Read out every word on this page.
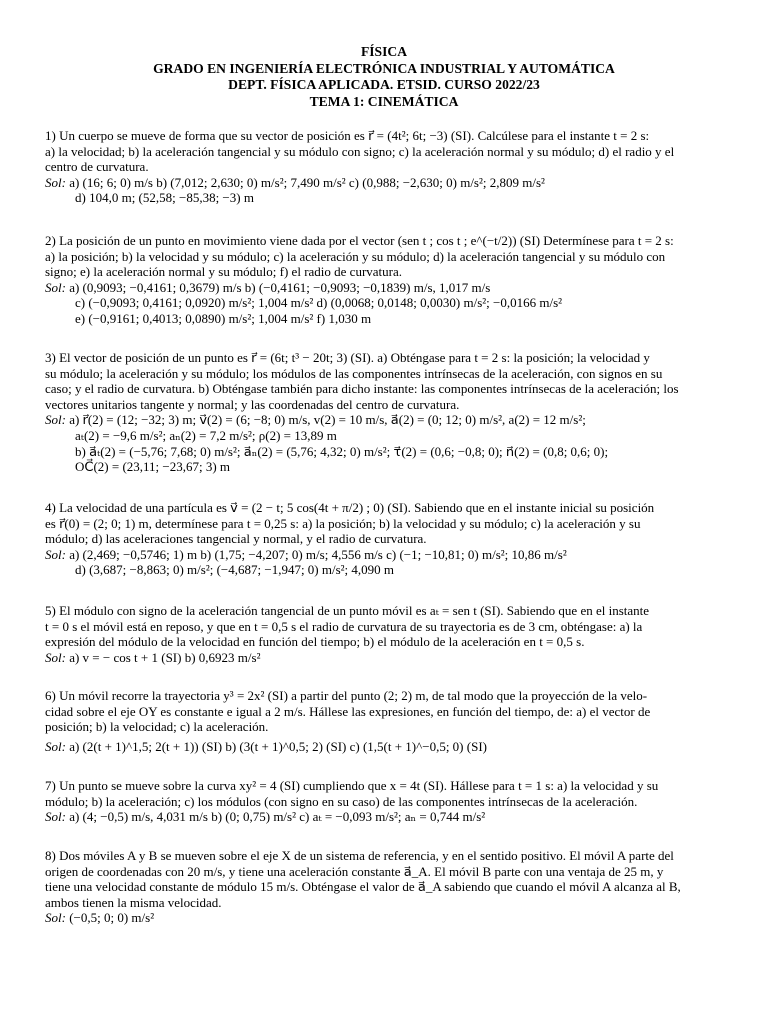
FÍSICA
GRADO EN INGENIERÍA ELECTRÓNICA INDUSTRIAL Y AUTOMÁTICA
DEPT. FÍSICA APLICADA. ETSID. CURSO 2022/23
TEMA 1: CINEMÁTICA
1) Un cuerpo se mueve de forma que su vector de posición es r⃗ = (4t²; 6t; −3) (SI). Calcúlese para el instante t = 2 s:
a) la velocidad; b) la aceleración tangencial y su módulo con signo; c) la aceleración normal y su módulo; d) el radio y el
centro de curvatura.
Sol: a) (16; 6; 0) m/s b) (7,012; 2,630; 0) m/s²; 7,490 m/s² c) (0,988; −2,630; 0) m/s²; 2,809 m/s²
d) 104,0 m; (52,58; −85,38; −3) m
2) La posición de un punto en movimiento viene dada por el vector (sen t ; cos t ; e^(−t/2)) (SI) Determínese para t = 2 s:
a) la posición; b) la velocidad y su módulo; c) la aceleración y su módulo; d) la aceleración tangencial y su módulo con
signo; e) la aceleración normal y su módulo; f) el radio de curvatura.
Sol: a) (0,9093; −0,4161; 0,3679) m/s b) (−0,4161; −0,9093; −0,1839) m/s, 1,017 m/s
c) (−0,9093; 0,4161; 0,0920) m/s²; 1,004 m/s² d) (0,0068; 0,0148; 0,0030) m/s²; −0,0166 m/s²
e) (−0,9161; 0,4013; 0,0890) m/s²; 1,004 m/s² f) 1,030 m
3) El vector de posición de un punto es r⃗ = (6t; t³ − 20t; 3) (SI). a) Obténgase para t = 2 s: la posición; la velocidad y
su módulo; la aceleración y su módulo; los módulos de las componentes intrínsecas de la aceleración, con signos en su
caso; y el radio de curvatura. b) Obténgase también para dicho instante: las componentes intrínsecas de la aceleración; los
vectores unitarios tangente y normal; y las coordenadas del centro de curvatura.
Sol: a) r⃗(2) = (12; −32; 3) m; v⃗(2) = (6; −8; 0) m/s, v(2) = 10 m/s, a⃗(2) = (0; 12; 0) m/s², a(2) = 12 m/s²;
aₜ(2) = −9,6 m/s²; aₙ(2) = 7,2 m/s²; ρ(2) = 13,89 m
b) a⃗ₜ(2) = (−5,76; 7,68; 0) m/s²; a⃗ₙ(2) = (5,76; 4,32; 0) m/s²; τ⃗(2) = (0,6; −0,8; 0); n⃗(2) = (0,8; 0,6; 0);
OC⃗(2) = (23,11; −23,67; 3) m
4) La velocidad de una partícula es v⃗ = (2 − t; 5 cos(4t + π/2) ; 0) (SI). Sabiendo que en el instante inicial su posición
es r⃗(0) = (2; 0; 1) m, determínese para t = 0,25 s: a) la posición; b) la velocidad y su módulo; c) la aceleración y su
módulo; d) las aceleraciones tangencial y normal, y el radio de curvatura.
Sol: a) (2,469; −0,5746; 1) m b) (1,75; −4,207; 0) m/s; 4,556 m/s c) (−1; −10,81; 0) m/s²; 10,86 m/s²
d) (3,687; −8,863; 0) m/s²; (−4,687; −1,947; 0) m/s²; 4,090 m
5) El módulo con signo de la aceleración tangencial de un punto móvil es aₜ = sen t (SI). Sabiendo que en el instante
t = 0 s el móvil está en reposo, y que en t = 0,5 s el radio de curvatura de su trayectoria es de 3 cm, obténgase: a) la
expresión del módulo de la velocidad en función del tiempo; b) el módulo de la aceleración en t = 0,5 s.
Sol: a) v = − cos t + 1 (SI) b) 0,6923 m/s²
6) Un móvil recorre la trayectoria y³ = 2x² (SI) a partir del punto (2; 2) m, de tal modo que la proyección de la velo-
cidad sobre el eje OY es constante e igual a 2 m/s. Hállese las expresiones, en función del tiempo, de: a) el vector de
posición; b) la velocidad; c) la aceleración.
Sol: a) (2(t + 1)^1,5; 2(t + 1)) (SI) b) (3(t + 1)^0,5; 2) (SI) c) (1,5(t + 1)^−0,5; 0) (SI)
7) Un punto se mueve sobre la curva xy² = 4 (SI) cumpliendo que x = 4t (SI). Hállese para t = 1 s: a) la velocidad y su
módulo; b) la aceleración; c) los módulos (con signo en su caso) de las componentes intrínsecas de la aceleración.
Sol: a) (4; −0,5) m/s, 4,031 m/s b) (0; 0,75) m/s² c) aₜ = −0,093 m/s²; aₙ = 0,744 m/s²
8) Dos móviles A y B se mueven sobre el eje X de un sistema de referencia, y en el sentido positivo. El móvil A parte del
origen de coordenadas con 20 m/s, y tiene una aceleración constante a⃗_A. El móvil B parte con una ventaja de 25 m, y
tiene una velocidad constante de módulo 15 m/s. Obténgase el valor de a⃗_A sabiendo que cuando el móvil A alcanza al B,
ambos tienen la misma velocidad.
Sol: (−0,5; 0; 0) m/s²
